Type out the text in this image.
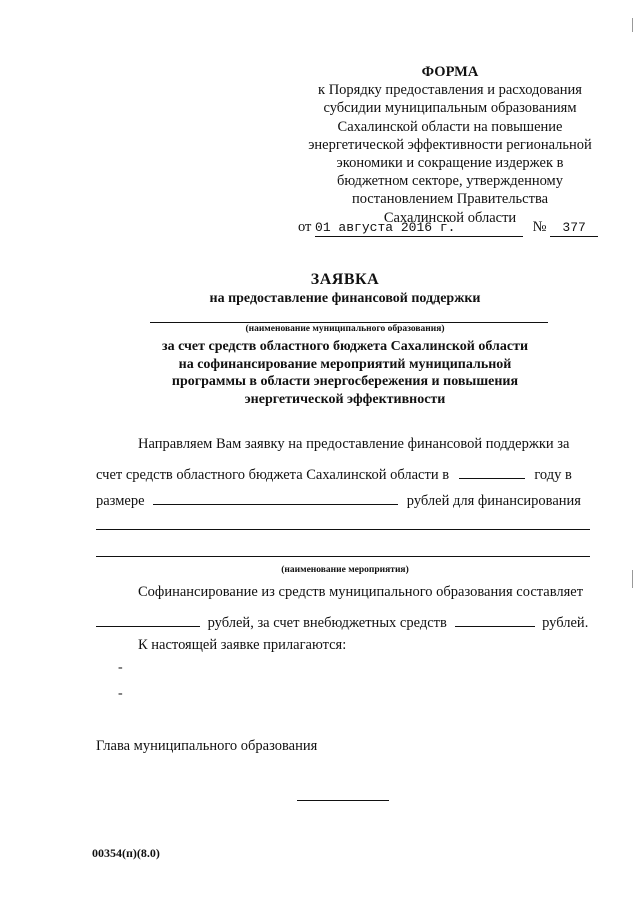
ФОРМА
к Порядку предоставления и расходования
субсидии муниципальным образованиям
Сахалинской области на повышение
энергетической эффективности региональной
экономики и сокращение издержек в
бюджетном секторе, утвержденному
постановлением Правительства
Сахалинской области
от 01 августа 2016 г.	№ 377
ЗАЯВКА
на предоставление финансовой поддержки
(наименование муниципального образования)
за счет средств областного бюджета Сахалинской области
на софинансирование мероприятий муниципальной
программы в области энергосбережения и повышения
энергетической эффективности
Направляем Вам заявку на предоставление финансовой поддержки за
счет средств областного бюджета Сахалинской области в	году в
размере	рублей для финансирования
(наименование мероприятия)
Софинансирование из средств муниципального образования составляет
рублей, за счет внебюджетных средств	рублей.
К настоящей заявке прилагаются:
-
-
Глава муниципального образования
00354(п)(8.0)
